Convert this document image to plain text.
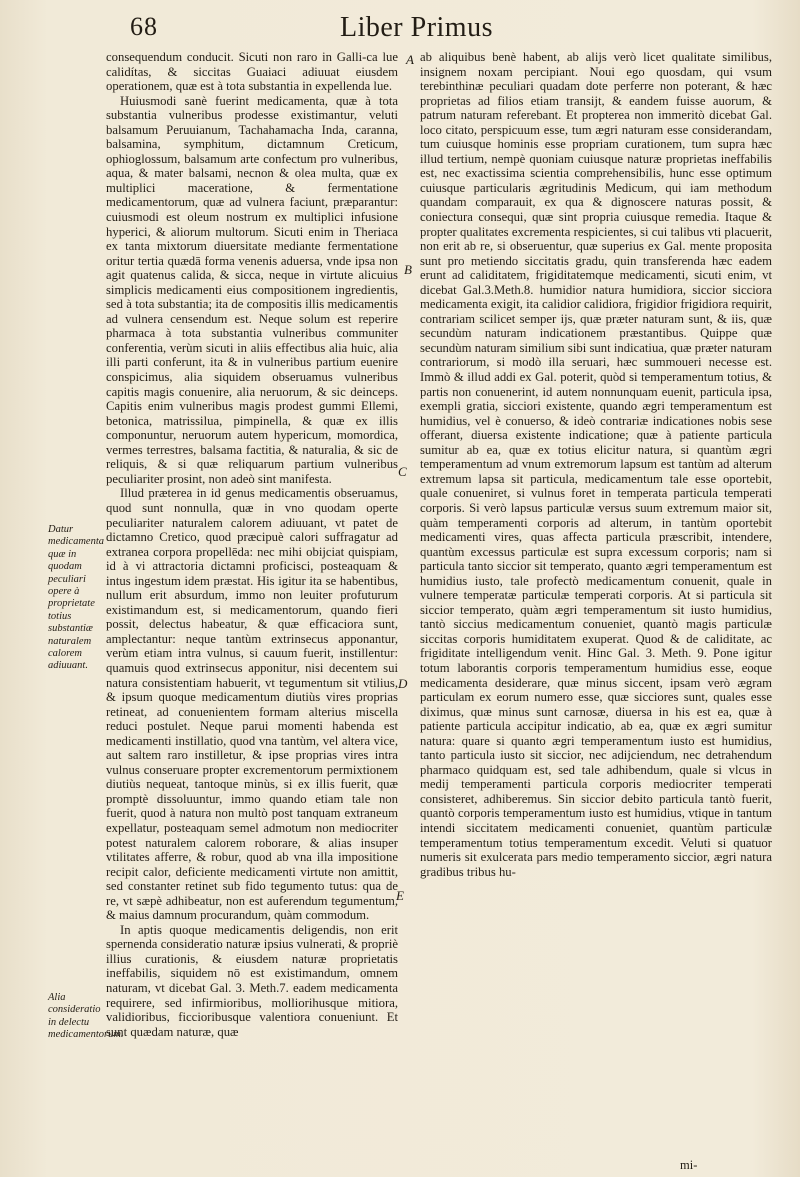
68	Liber Primus

consequendum conducit. Sicuti non raro in Galli-ca lue calidítas, & siccitas Guaiaci adiuuat eiusdem operationem, quæ est à tota substantia in expellenda lue.

Huiusmodi sanè fuerint medicamenta, quæ à tota substantia vulneribus prodesse existimantur, veluti balsamum Peruuianum, Tachahamacha Inda, caranna, balsamina, symphitum, dictamnum Creticum, ophioglossum, balsamum arte confectum pro vulneribus, aqua, & mater balsami, necnon & olea multa, quæ ex multiplici maceratione, & fermentatione medicamentorum, quæ ad vulnera faciunt, præparantur: cuiusmodi est oleum nostrum ex multiplici infusione hyperici, & aliorum multorum. Sicuti enim in Theriaca ex tanta mixtorum diuersitate mediante fermentatione oritur tertia quædā forma venenis aduersa, vnde ipsa non agit quatenus calida, & sicca, neque in virtute alicuius simplicis medicamenti eius compositionem ingredientis, sed à tota substantia; ita de compositis illis medicamentis ad vulnera censendum est. Neque solum est reperire pharmaca à tota substantia vulneribus communiter conferentia, verùm sicuti in aliis effectibus alia huic, alia illi parti conferunt, ita & in vulneribus partium euenire conspicimus, alia siquidem obseruamus vulneribus capitis magis conuenire, alia neruorum, & sic deinceps. Capitis enim vulneribus magis prodest gummi Ellemi, betonica, matrissilua, pimpinella, & quæ ex illis componuntur, neruorum autem hypericum, momordica, vermes terrestres, balsama factitia, & naturalia, & sic de reliquis, & si quæ reliquarum partium vulneribus peculiariter prosint, non adeò sint manifesta.

Illud præterea in id genus medicamentis obseruamus, quod sunt nonnulla, quæ in vno quodam operte peculiariter naturalem calorem adiuuant, vt patet de dictamno Cretico, quod præcipuè calori suffragatur ad extranea corpora propellēda: nec mihi obijciat quispiam, id à vi attractoria dictamni proficisci, posteaquam & intus ingestum idem præstat. His igitur ita se habentibus, nullum erit absurdum, immo non leuiter profuturum existimandum est, si medicamentorum, quando fieri possit, delectus habeatur, & quæ efficaciora sunt, amplectantur: neque tantùm extrinsecus apponantur, verùm etiam intra vulnus, si cauum fuerit, instillentur: quamuis quod extrinsecus apponitur, nisi decentem sui natura consistentiam habuerit, vt tegumentum sit vtilius, & ipsum quoque medicamentum diutiùs vires proprias retineat, ad conuenientem formam alterius miscella reduci postulet. Neque parui momenti habenda est medicamenti instillatio, quod vna tantùm, vel altera vice, aut saltem raro instilletur, & ipse proprias vires intra vulnus conseruare propter excrementorum permixtionem diutiùs nequeat, tantoque minùs, si ex illis fuerit, quæ promptè dissoluuntur, immo quando etiam tale non fuerit, quod à natura non multò post tanquam extraneum expellatur, posteaquam semel admotum non mediocriter potest naturalem calorem roborare, & alias insuper vtilitates afferre, & robur, quod ab vna illa impositione recipit calor, deficiente medicamenti virtute non amittit, sed constanter retinet sub fido tegumento tutus: qua de re, vt sæpè adhibeatur, non est auferendum tegumentum, & maius damnum procurandum, quàm commodum.

In aptis quoque medicamentis deligendis, non erit spernenda consideratio naturæ ipsius vulnerati, & propriè illius curationis, & eiusdem naturæ proprietatis ineffabilis, siquidem nō est existimandum, omnem naturam, vt dicebat Gal. 3. Meth.7. eadem medicamenta requirere, sed infirmioribus, molliorihusque mitiora, validioribus, ficcioribusque valentiora conueniunt. Et sunt quædam naturæ, quæ

ab aliquibus benè habent, ab alijs verò licet qualitate similibus, insignem noxam percipiant. Noui ego quosdam, qui vsum terebinthinæ peculiari quadam dote perferre non poterant, & hæc proprietas ad filios etiam transijt, & eandem fuisse auorum, & patrum naturam referebant. Et propterea non immeritò dicebat Gal. loco citato, perspicuum esse, tum ægri naturam esse considerandam, tum cuiusque hominis esse propriam curationem, tum supra hæc illud tertium, nempè quoniam cuiusque naturæ proprietas ineffabilis est, nec exactissima scientia comprehensibilis, hunc esse optimum cuiusque particularis ægritudinis Medicum, qui iam methodum quandam comparauit, ex qua & dignoscere naturas possit, & coniectura consequi, quæ sint propria cuiusque remedia. Itaque & propter qualitates excrementa respicientes, si cui talibus vti placuerit, non erit ab re, si obseruentur, quæ superius ex Gal. mente proposita sunt pro metiendo siccitatis gradu, quin transferenda hæc eadem erunt ad caliditatem, frigiditatemque medicamenti, sicuti enim, vt dicebat Gal.3.Meth.8. humidior natura humidiora, siccior sicciora medicamenta exigit, ita calidior calidiora, frigidior frigidiora requirit, contrariam scilicet semper ijs, quæ præter naturam sunt, & iis, quæ secundùm naturam indicationem præstantibus. Quippe quæ secundùm naturam similium sibi sunt indicatiua, quæ præter naturam contrariorum, si modò illa seruari, hæc summoueri necesse est. Immò & illud addi ex Gal. poterit, quòd si temperamentum totius, & partis non conuenerint, id autem nonnunquam euenit, particula ipsa, exempli gratia, sicciori existente, quando ægri temperamentum est humidius, vel è conuerso, & ideò contrariæ indicationes nobis sese offerant, diuersa existente indicatione; quæ à patiente particula sumitur ab ea, quæ ex totius elicitur natura, si quantùm ægri temperamentum ad vnum extremorum lapsum est tantùm ad alterum extremum lapsa sit particula, medicamentum tale esse oportebit, quale conueniret, si vulnus foret in temperata particula temperati corporis. Si verò lapsus particulæ versus suum extremum maior sit, quàm temperamenti corporis ad alterum, in tantùm oportebit medicamenti vires, quas affecta particula præscribit, intendere, quantùm excessus particulæ est supra excessum corporis; nam si particula tanto siccior sit temperato, quanto ægri temperamentum est humidius iusto, tale profectò medicamentum conuenit, quale in vulnere temperatæ particulæ temperati corporis. At si particula sit siccior temperato, quàm ægri temperamentum sit iusto humidius, tantò siccius medicamentum conueniet, quantò magis particulæ siccitas corporis humiditatem exuperat. Quod & de caliditate, ac frigiditate intelligendum venit. Hinc Gal. 3. Meth. 9. Pone igitur totum laborantis corporis temperamentum humidius esse, eoque medicamenta desiderare, quæ minus siccent, ipsam verò ægram particulam ex eorum numero esse, quæ sicciores sunt, quales esse diximus, quæ minus sunt carnosæ, diuersa in his est ea, quæ à patiente particula accipitur indicatio, ab ea, quæ ex ægri sumitur natura: quare si quanto ægri temperamentum iusto est humidius, tanto particula iusto sit siccior, nec adijciendum, nec detrahendum pharmaco quidquam est, sed tale adhibendum, quale si vlcus in medij temperamenti particula corporis mediocriter temperati consisteret, adhiberemus. Sin siccior debito particula tantò fuerit, quantò corporis temperamentum iusto est humidius, vtique in tantum intendi siccitatem medicamenti conueniet, quantùm particulæ temperamentum totius temperamentum excedit. Veluti si quatuor numeris sit exulcerata pars medio temperamento siccior, ægri natura gradibus tribus hu-

A
B
C
D
E
Datur medicamenta quæ in quodam peculiari opere à proprietate totius substantiæ naturalem calorem adiuuant.
Alia consideratio in delectu medicamentorum.
mi-
